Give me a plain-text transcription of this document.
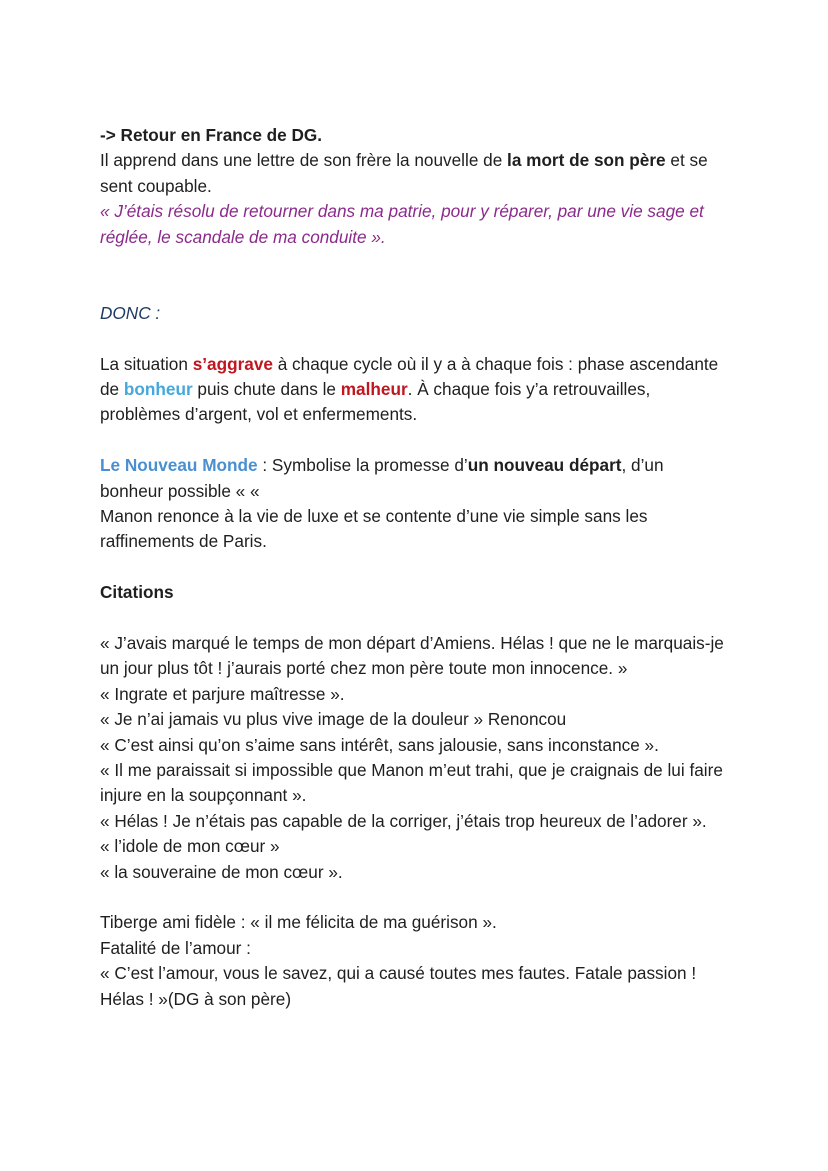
-> Retour en France de DG.

Il apprend dans une lettre de son frère la nouvelle de la mort de son père et se sent coupable.

« J’étais résolu de retourner dans ma patrie, pour y réparer, par une vie sage et réglée, le scandale de ma conduite ».

DONC :

La situation s’aggrave à chaque cycle où il y a à chaque fois : phase ascendante de bonheur puis chute dans le malheur. À chaque fois y’a retrouvailles, problèmes d’argent, vol et enfermements.

Le Nouveau Monde : Symbolise la promesse d’un nouveau départ, d’un bonheur possible « «

Manon renonce à la vie de luxe et se contente d’une vie simple sans les raffinements de Paris.

Citations

« J’avais marqué le temps de mon départ d’Amiens. Hélas ! que ne le marquais-je un jour plus tôt ! j’aurais porté chez mon père toute mon innocence. »

« Ingrate et parjure maîtresse ».

« Je n’ai jamais vu plus vive image de la douleur » Renoncou

« C’est ainsi qu’on s’aime sans intérêt, sans jalousie, sans inconstance ».

« Il me paraissait si impossible que Manon m’eut trahi, que je craignais de lui faire injure en la soupçonnant ».

« Hélas ! Je n’étais pas capable de la corriger, j’étais trop heureux de l’adorer ».

« l’idole de mon cœur »

« la souveraine de mon cœur ».

Tiberge ami fidèle : « il me félicita de ma guérison ».

Fatalité de l’amour :

« C’est l’amour, vous le savez, qui a causé toutes mes fautes. Fatale passion ! Hélas ! »(DG à son père)
